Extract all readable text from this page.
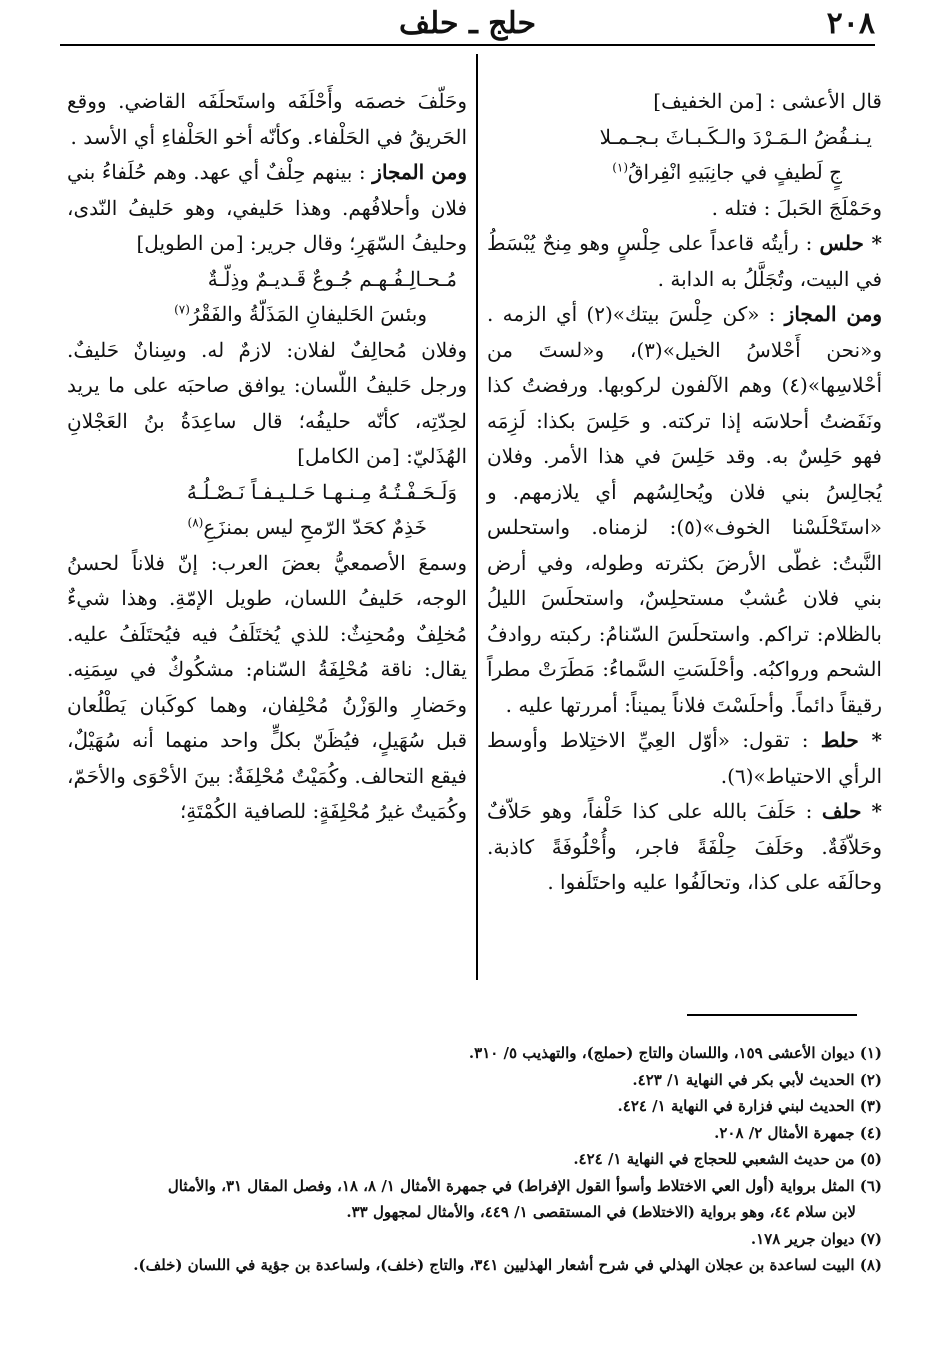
٢٠٨
حلج ـ حلف

قال الأعشى : [من الخفيف]

يـنـفُضُ الـمَـرْدَ والـكَـبـاثَ بـجـمـلا

جٍ لَطيفٍ في جانِبَيهِ انْفِراقُ$^{(١)}$

وحَمْلَجَ الحَبلَ : فتله .

* حلس : رأيتُه قاعداً على حِلْسٍ وهو مِنحٌ يُبْسَطُ في البيت، وتُجَلَّلُ به الدابة .

ومن المجاز : «كن حِلْسَ بيتك»(٢) أي الزمه . و«نحن أَحْلاسُ الخيل»(٣)، و«لستَ من أحْلاسِها»(٤) وهم الآلفون لركوبها. ورفضتُ كذا ونَفَضتُ أحلاسَه إذا تركته. و حَلِسَ بكذا: لَزِمَه فهو حَلِسٌ به. وقد حَلِسَ في هذا الأمر. وفلان يُجالِسُ بني فلان ويُحالِسُهم أي يلازمهم. و «استَحْلَسْنا الخوف»(٥): لزمناه. واستحلس النَّبتُ: غطّى الأرضَ بكثرته وطوله، وفي أرض بني فلان عُشبٌ مستحلِسٌ، واستحلَسَ الليلُ بالظلام: تراكم. واستحلَسَ السّنامُ: ركبته روادفُ الشحم ورواكبُه. وأحْلَسَتِ السَّماءُ: مَطَرَتْ مطراً رقيقاً دائماً. وأحلَسْتَ فلاناً يميناً: أمررتها عليه .

* حلط : تقول: «أوّل العِيِّ الاختِلاط وأوسط الرأي الاحتياط»(٦).

* حلف : حَلَفَ بالله على كذا حَلْفاً، وهو حَلاّفٌ وحَلاّفَةٌ. وحَلَفَ حِلْفَةً فاجر، وأُحْلُوفَةً كاذبة. وحالَفَه على كذا، وتحالَفُوا عليه واحتَلَفوا .

وحَلّفَ خصمَه وأَحْلَفَه واستَحلَفَه القاضي. ووقع الحَريقُ في الحَلْفاء. وكأنّه أخو الحَلْفاءِ أي الأسد .

ومن المجاز : بينهم حِلْفٌ أي عهد. وهم حُلَفاءُ بني فلان وأحلافُهم. وهذا حَليفي، وهو حَليفُ النّدى، وحليفُ السّهَرِ؛ وقال جرير: [من الطويل]

مُـحـالِـفُـهـم جُـوعٌ قَـديـمٌ وذِلّـةٌ

وبئسَ الحَليفانِ المَذَلّةُ والفَقْرُ$^{(٧)}$

وفلان مُحالِفٌ لفلان: لازمٌ له. وسِنانٌ حَليفٌ. ورجل حَليفُ اللّسان: يوافق صاحبَه على ما يريد لحِدّتِه، كأنّه حليفُه؛ قال ساعِدَةُ بنُ العَجْلانِ الهُذَليّ: [من الكامل]

وَلَـحَـفْـتُـهُ مِـنـهـا حَـلـيـفـاً نَـصْـلُـهُ

خَذِمٌ كحَدّ الرّمحِ ليس بمنزَعِ$^{(٨)}$

وسمعَ الأصمعيُّ بعضَ العرب: إنّ فلاناً لحسنُ الوجه، حَليفُ اللسان، طويل الإمّةِ. وهذا شيءٌ مُخلِفٌ ومُحنِثٌ: للذي يُختَلَفُ فيه فيُحتَلَفُ عليه. يقال: ناقة مُحْلِفَةُ السّنام: مشكُوكٌ في سِمَنِه. وحَضارِ والوَزْنُ مُحْلِفان، وهما كوكَبان يَطْلُعان قبل سُهَيلٍ، فيُظَنّ بكلٍّ واحد منهما أنه سُهَيْلٌ، فيقع التحالف. وكُمَيْتٌ مُحْلِفَةٌ: بينَ الأحْوَى والأحَمّ، وكُمَيتٌ غيرُ مُحْلِفَةٍ: للصافية الكُمْتَةِ؛

(١) ديوان الأعشى ١٥٩، واللسان والتاج (حملج)، والتهذيب ٥/ ٣١٠.

(٢) الحديث لأبي بكر في النهاية ١/ ٤٢٣.

(٣) الحديث لبني فزارة في النهاية ١/ ٤٢٤.

(٤) جمهرة الأمثال ٢/ ٢٠٨.

(٥) من حديث الشعبي للحجاج في النهاية ١/ ٤٢٤.

(٦) المثل برواية (أول العي الاختلاط وأسوأ القول الإفراط) في جمهرة الأمثال ١/ ٨، ١٨، وفصل المقال ٣١، والأمثال

لابن سلام ٤٤، وهو برواية (الاختلاط) في المستقصى ١/ ٤٤٩، والأمثال لمجهول ٣٣.

(٧) ديوان جرير ١٧٨.

(٨) البيت لساعدة بن عجلان الهذلي في شرح أشعار الهذليين ٣٤١، والتاج (خلف)، ولساعدة بن جؤية في اللسان (خلف).
